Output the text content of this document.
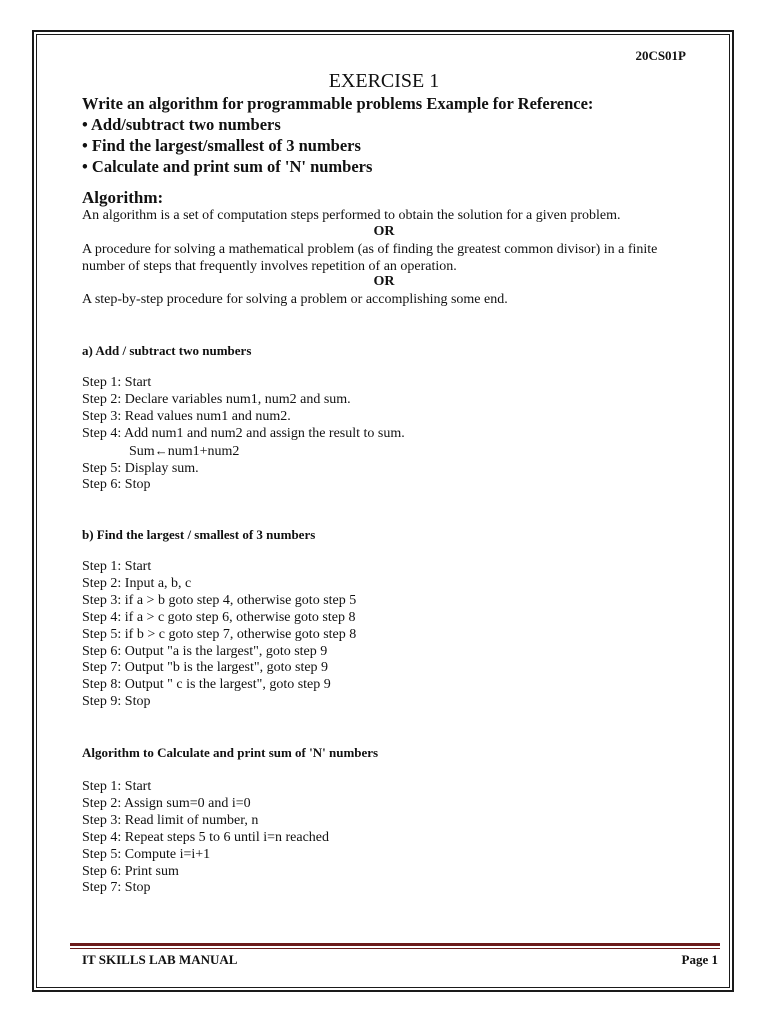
20CS01P
EXERCISE 1
Write an algorithm for programmable problems Example for Reference:
• Add/subtract two numbers
• Find the largest/smallest of 3 numbers
• Calculate and print sum of 'N' numbers
Algorithm:
An algorithm is a set of computation steps performed to obtain the solution for a given problem.
OR
A procedure for solving a mathematical problem (as of finding the greatest common divisor) in a finite number of steps that frequently involves repetition of an operation.
OR
A step-by-step procedure for solving a problem or accomplishing some end.
a) Add / subtract two numbers
Step 1: Start
Step 2: Declare variables num1, num2 and sum.
Step 3: Read values num1 and num2.
Step 4: Add num1 and num2 and assign the result to sum.
Sum←num1+num2
Step 5: Display sum.
Step 6: Stop
b) Find the largest / smallest of 3 numbers
Step 1: Start
Step 2: Input a, b, c
Step 3: if a > b goto step 4, otherwise goto step 5
Step 4: if a > c goto step 6, otherwise goto step 8
Step 5: if b > c goto step 7, otherwise goto step 8
Step 6: Output "a is the largest", goto step 9
Step 7: Output "b is the largest", goto step 9
Step 8: Output " c is the largest", goto step 9
Step 9: Stop
Algorithm to Calculate and print sum of 'N' numbers
Step 1: Start
Step 2: Assign sum=0 and i=0
Step 3: Read limit of number, n
Step 4: Repeat steps 5 to 6 until i=n reached
Step 5: Compute i=i+1
Step 6: Print sum
Step 7: Stop
IT SKILLS LAB MANUAL	Page 1
